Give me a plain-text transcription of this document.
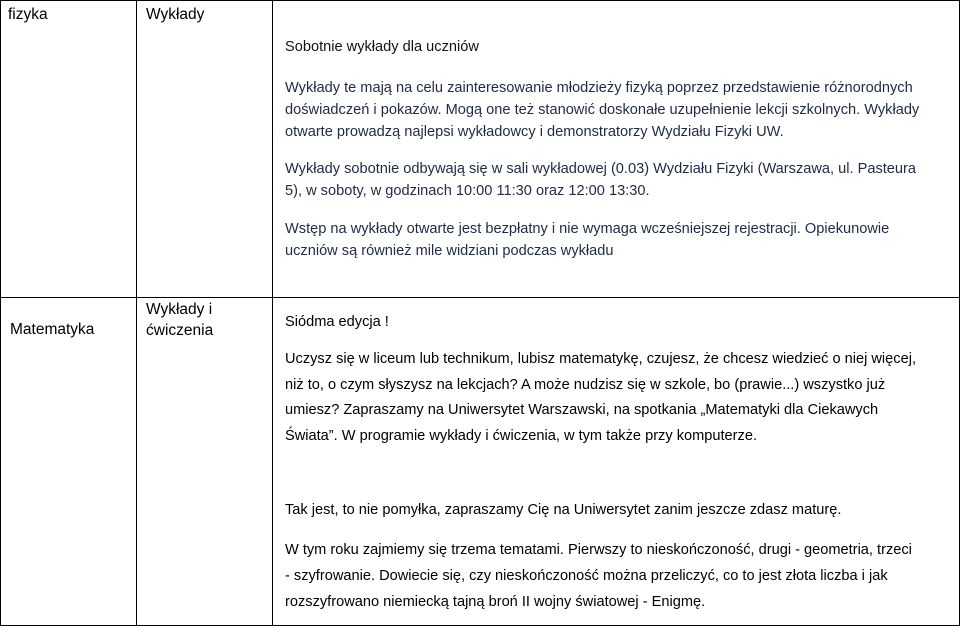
fizyka	Wykłady
Sobotnie wykłady dla uczniów
Wykłady te mają na celu zainteresowanie młodzieży fizyką poprzez przedstawienie różnorodnych
doświadczeń i pokazów. Mogą one też stanowić doskonałe uzupełnienie lekcji szkolnych. Wykłady
otwarte prowadzą najlepsi wykładowcy i demonstratorzy Wydziału Fizyki UW.
Wykłady sobotnie odbywają się w sali wykładowej (0.03) Wydziału Fizyki (Warszawa, ul. Pasteura
5), w soboty, w godzinach 10:00 11:30 oraz 12:00 13:30.
Wstęp na wykłady otwarte jest bezpłatny i nie wymaga wcześniejszej rejestracji. Opiekunowie
uczniów są również mile widziani podczas wykładu
Matematyka
Wykłady i
ćwiczenia	Siódma edycja !
Uczysz się w liceum lub technikum, lubisz matematykę, czujesz, że chcesz wiedzieć o niej więcej,
niż to, o czym słyszysz na lekcjach? A może nudzisz się w szkole, bo (prawie...) wszystko już
umiesz? Zapraszamy na Uniwersytet Warszawski, na spotkania „Matematyki dla Ciekawych
Świata”. W programie wykłady i ćwiczenia, w tym także przy komputerze.
Tak jest, to nie pomyłka, zapraszamy Cię na Uniwersytet zanim jeszcze zdasz maturę.
W tym roku zajmiemy się trzema tematami. Pierwszy to nieskończoność, drugi - geometria, trzeci
- szyfrowanie. Dowiecie się, czy nieskończoność można przeliczyć, co to jest złota liczba i jak
rozszyfrowano niemiecką tajną broń II wojny światowej - Enigmę.
